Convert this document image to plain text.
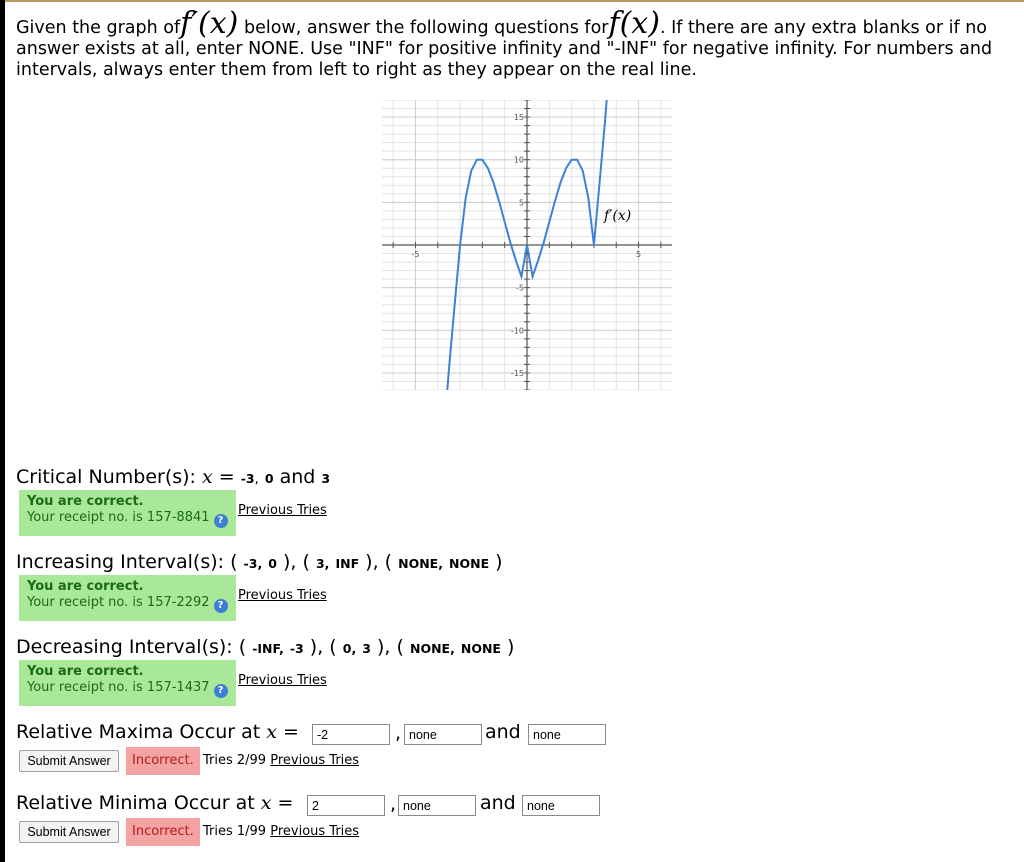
Given the graph off′(x) below, answer the following questions forf(x). If there are any extra blanks or if no answer exists at all, enter NONE. Use "INF" for positive infinity and "-INF" for negative infinity. For numbers and intervals, always enter them from left to right as they appear on the real line.
15
10
5
-5
-10
-15
-5	5
f′(x)
Critical Number(s): x = -3, 0 and 3
You are correct.
Your receipt no. is 157-8841 ?
Previous Tries
Increasing Interval(s): ( -3, 0 ), ( 3, INF ), ( NONE, NONE )
You are correct.
Your receipt no. is 157-2292 ?
Previous Tries
Decreasing Interval(s): ( -INF, -3 ), ( 0, 3 ), ( NONE, NONE )
You are correct.
Your receipt no. is 157-1437 ?
Previous Tries
Relative Maxima Occur at x =
-2	,
none	and
none
Submit Answer	Incorrect. Tries 2/99 Previous Tries
Relative Minima Occur at x =
2	,
none	and
none
Submit Answer	Incorrect. Tries 1/99 Previous Tries
